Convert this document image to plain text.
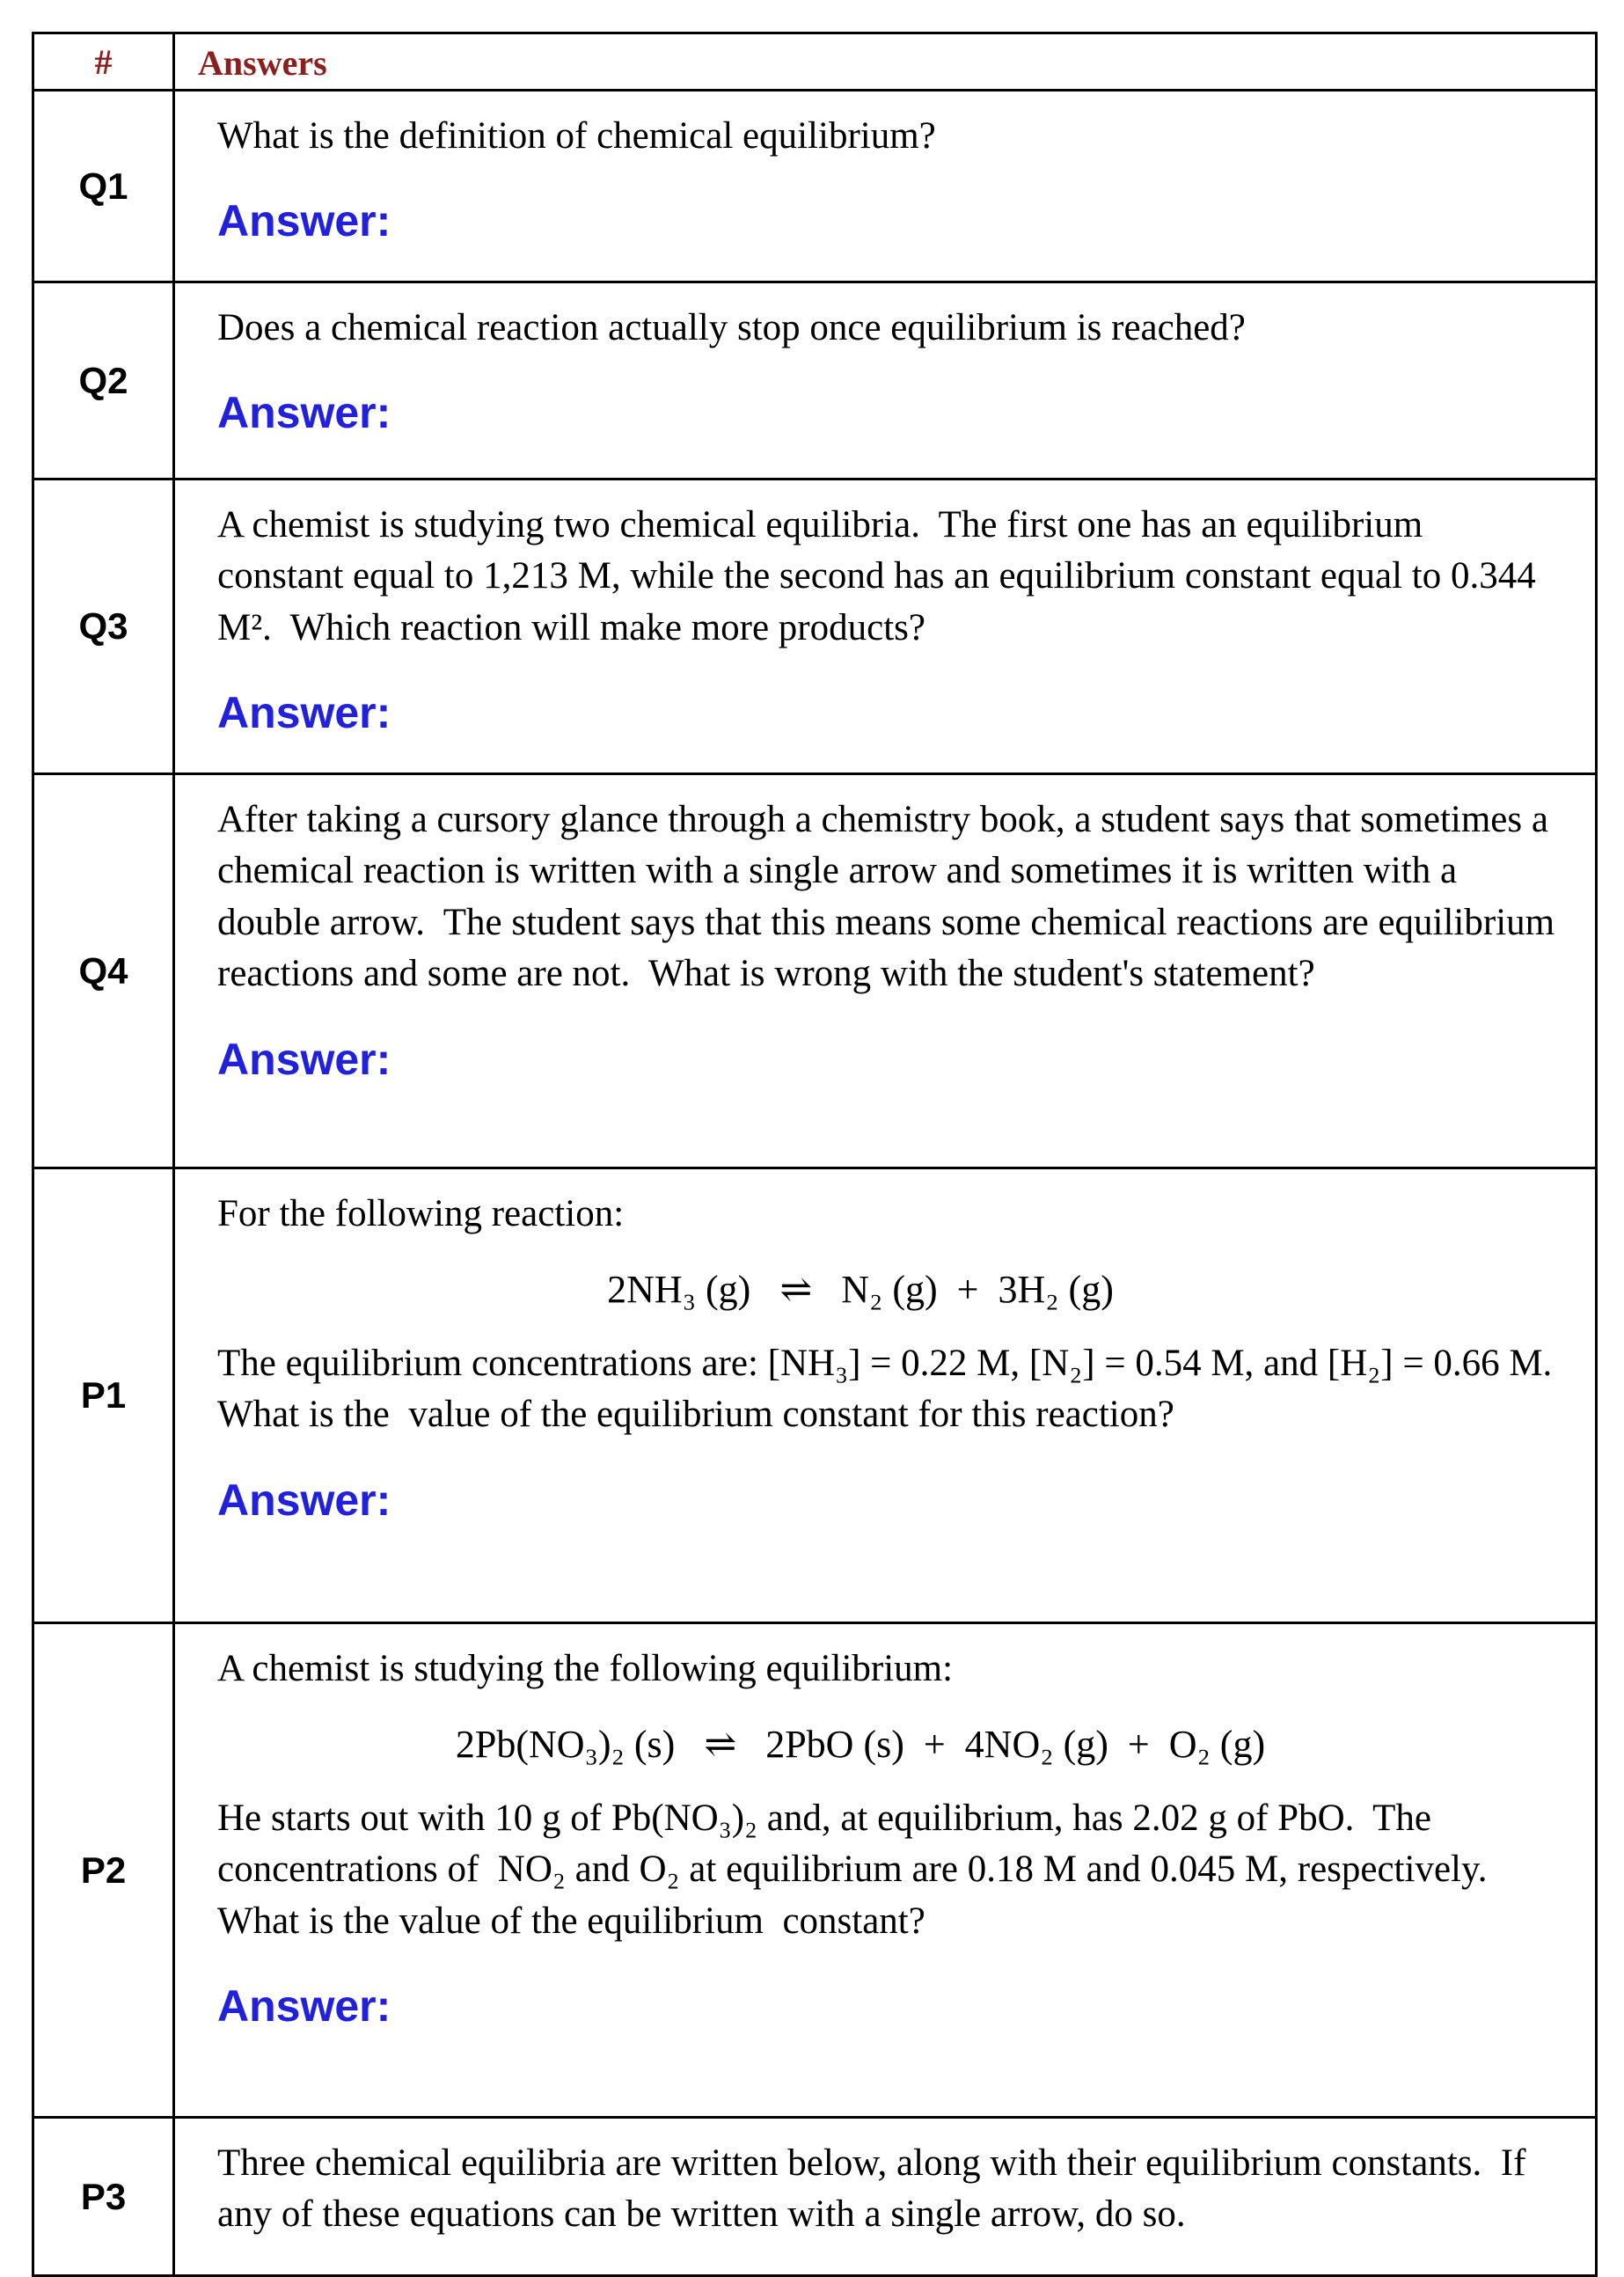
# Answers
Q1

What is the definition of chemical equilibrium?

Answer:

Q2

Does a chemical reaction actually stop once equilibrium is reached?

Answer:

Q3

A chemist is studying two chemical equilibria.  The first one has an equilibrium constant equal to 1,213 M, while the second has an equilibrium constant equal to 0.344 M².  Which reaction will make more products?

Answer:

Q4

After taking a cursory glance through a chemistry book, a student says that sometimes a chemical reaction is written with a single arrow and sometimes it is written with a double arrow.  The student says that this means some chemical reactions are equilibrium reactions and some are not.  What is wrong with the student's statement?

Answer:

P1

For the following reaction:

2NH₃ (g)   ⇌   N₂ (g)  +  3H₂ (g)

The equilibrium concentrations are: [NH₃] = 0.22 M, [N₂] = 0.54 M, and [H₂] = 0.66 M.  What is the  value of the equilibrium constant for this reaction?

Answer:

P2

A chemist is studying the following equilibrium:

2Pb(NO₃)₂ (s)   ⇌   2PbO (s)  +  4NO₂ (g)  +  O₂ (g)

He starts out with 10 g of Pb(NO₃)₂ and, at equilibrium, has 2.02 g of PbO.  The concentrations of  NO₂ and O₂ at equilibrium are 0.18 M and 0.045 M, respectively.   What is the value of the equilibrium  constant?

Answer:

P3

Three chemical equilibria are written below, along with their equilibrium constants.  If any of these equations can be written with a single arrow, do so.
